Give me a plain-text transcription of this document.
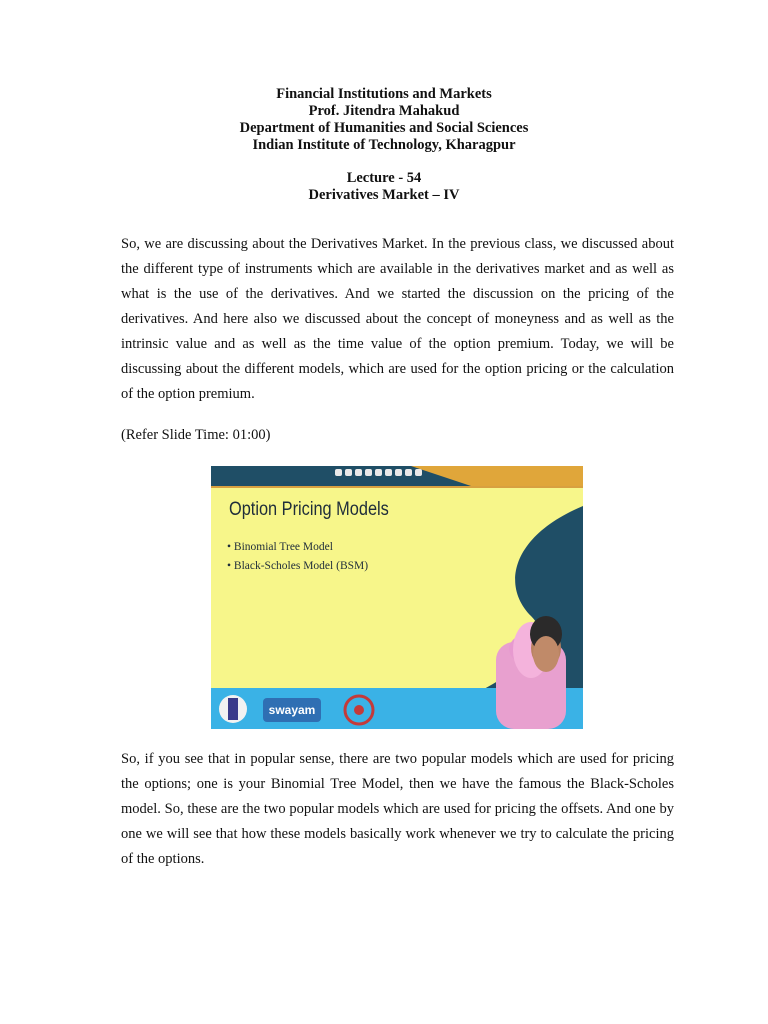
Financial Institutions and Markets
Prof. Jitendra Mahakud
Department of Humanities and Social Sciences
Indian Institute of Technology, Kharagpur
Lecture - 54
Derivatives Market – IV

So, we are discussing about the Derivatives Market. In the previous class, we discussed about the different type of instruments which are available in the derivatives market and as well as what is the use of the derivatives. And we started the discussion on the pricing of the derivatives. And here also we discussed about the concept of moneyness and as well as the intrinsic value and as well as the time value of the option premium. Today, we will be discussing about the different models, which are used for the option pricing or the calculation of the option premium.

(Refer Slide Time: 01:00)

Option Pricing Models
• Binomial Tree Model
• Black-Scholes Model (BSM)
swayam

So, if you see that in popular sense, there are two popular models which are used for pricing the options; one is your Binomial Tree Model, then we have the famous the Black-Scholes model. So, these are the two popular models which are used for pricing the offsets. And one by one we will see that how these models basically work whenever we try to calculate the pricing of the options.
